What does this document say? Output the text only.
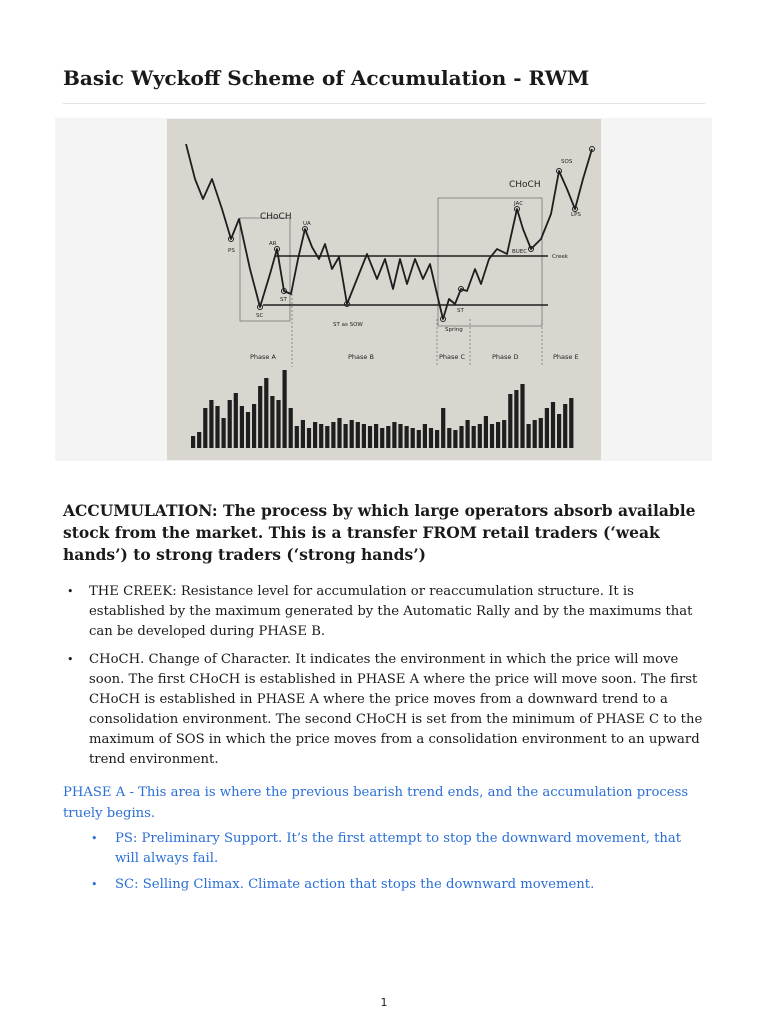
Basic Wyckoff Scheme of Accumulation - RWM
CHoCH
CHoCH
PS
AR
UA
SC
ST
ST as SOW
ST
Spring
JAC
BUEC
Creek
SOS
LPS
Phase A	Phase B	Phase C	Phase D	Phase E

ACCUMULATION: The process by which large operators absorb available stock from the market. This is a transfer FROM retail traders (‘weak hands’) to strong traders (‘strong hands’)

• THE CREEK: Resistance level for accumulation or reaccumulation structure. It is established by the maximum generated by the Automatic Rally and by the maximums that can be developed during PHASE B.
• CHoCH. Change of Character. It indicates the environment in which the price will move soon. The first CHoCH is established in PHASE A where the price will move soon. The first CHoCH is established in PHASE A where the price moves from a downward trend to a consolidation environment. The second CHoCH is set from the minimum of PHASE C to the maximum of SOS in which the price moves from a consolidation environment to an upward trend environment.

PHASE A - This area is where the previous bearish trend ends, and the accumulation process truely begins.

• PS: Preliminary Support. It’s the first attempt to stop the downward movement, that will always fail.
• SC: Selling Climax. Climate action that stops the downward movement.
1
